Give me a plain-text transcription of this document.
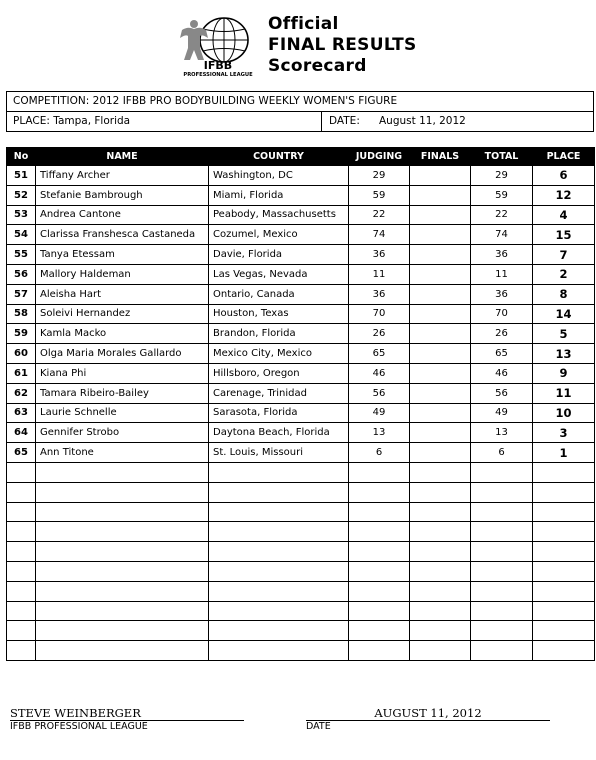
IFBB
PROFESSIONAL LEAGUE
Official
FINAL RESULTS
Scorecard
COMPETITION: 2012 IFBB PRO BODYBUILDING WEEKLY WOMEN'S FIGURE
PLACE: Tampa, Florida	DATE: August 11, 2012
No	NAME	COUNTRY	JUDGING	FINALS	TOTAL	PLACE
51	Tiffany Archer	Washington, DC	29		29	6
52	Stefanie Bambrough	Miami, Florida	59		59	12
53	Andrea Cantone	Peabody, Massachusetts	22		22	4
54	Clarissa Franshesca Castaneda	Cozumel, Mexico	74		74	15
55	Tanya Etessam	Davie, Florida	36		36	7
56	Mallory Haldeman	Las Vegas, Nevada	11		11	2
57	Aleisha Hart	Ontario, Canada	36		36	8
58	Soleivi Hernandez	Houston, Texas	70		70	14
59	Kamla Macko	Brandon, Florida	26		26	5
60	Olga Maria Morales Gallardo	Mexico City, Mexico	65		65	13
61	Kiana Phi	Hillsboro, Oregon	46		46	9
62	Tamara Ribeiro-Bailey	Carenage, Trinidad	56		56	11
63	Laurie Schnelle	Sarasota, Florida	49		49	10
64	Gennifer Strobo	Daytona Beach, Florida	13		13	3
65	Ann Titone	St. Louis, Missouri	6		6	1

STEVE WEINBERGER
IFBB PROFESSIONAL LEAGUE
AUGUST 11, 2012
DATE
